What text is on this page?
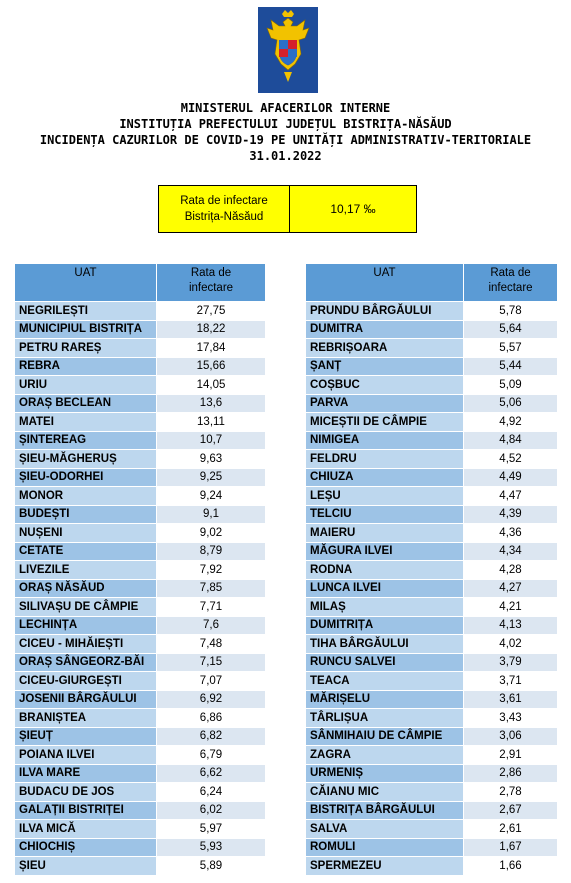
MINISTERUL AFACERILOR INTERNE
INSTITUȚIA PREFECTULUI JUDEȚUL BISTRIȚA-NĂSĂUD
INCIDENȚA CAZURILOR DE COVID-19 PE UNITĂȚI ADMINISTRATIV-TERITORIALE
31.01.2022
Rata de infectare
Bistrița-Năsăud
10,17 ‰
UAT	Rata de
infectare
NEGRILEȘTI	27,75
MUNICIPIUL BISTRIȚA	18,22
PETRU RAREȘ	17,84
REBRA	15,66
URIU	14,05
ORAȘ BECLEAN	13,6
MATEI	13,11
ȘINTEREAG	10,7
ȘIEU-MĂGHERUȘ	9,63
ȘIEU-ODORHEI	9,25
MONOR	9,24
BUDEȘTI	9,1
NUȘENI	9,02
CETATE	8,79
LIVEZILE	7,92
ORAȘ NĂSĂUD	7,85
SILIVAȘU DE CÂMPIE	7,71
LECHINȚA	7,6
CICEU - MIHĂIEȘTI	7,48
ORAȘ SÂNGEORZ-BĂI	7,15
CICEU-GIURGEȘTI	7,07
JOSENII BÂRGĂULUI	6,92
BRANIȘTEA	6,86
ȘIEUȚ	6,82
POIANA ILVEI	6,79
ILVA MARE	6,62
BUDACU DE JOS	6,24
GALAȚII BISTRIȚEI	6,02
ILVA MICĂ	5,97
CHIOCHIȘ	5,93
ȘIEU	5,89
UAT	Rata de
infectare
PRUNDU BÂRGĂULUI	5,78
DUMITRA	5,64
REBRIȘOARA	5,57
ȘANȚ	5,44
COȘBUC	5,09
PARVA	5,06
MICEȘTII DE CÂMPIE	4,92
NIMIGEA	4,84
FELDRU	4,52
CHIUZA	4,49
LEȘU	4,47
TELCIU	4,39
MAIERU	4,36
MĂGURA ILVEI	4,34
RODNA	4,28
LUNCA ILVEI	4,27
MILAȘ	4,21
DUMITRIȚA	4,13
TIHA BÂRGĂULUI	4,02
RUNCU SALVEI	3,79
TEACA	3,71
MĂRIȘELU	3,61
TÂRLIȘUA	3,43
SÂNMIHAIU DE CÂMPIE	3,06
ZAGRA	2,91
URMENIȘ	2,86
CĂIANU MIC	2,78
BISTRIȚA BÂRGĂULUI	2,67
SALVA	2,61
ROMULI	1,67
SPERMEZEU	1,66
